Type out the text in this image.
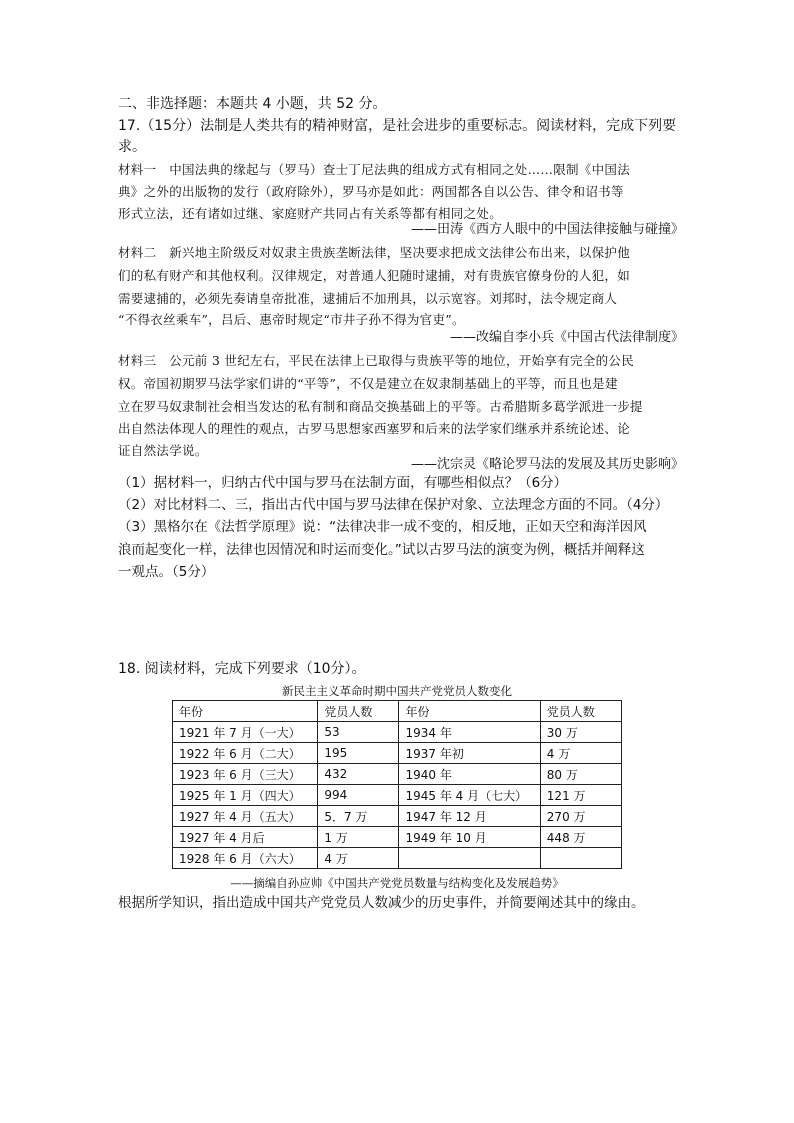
二、非选择题：本题共 4 小题，共 52 分。
17.（15分）法制是人类共有的精神财富，是社会进步的重要标志。阅读材料，完成下列要
求。
材料一　中国法典的缘起与（罗马）查士丁尼法典的组成方式有相同之处……限制《中国法
典》之外的出版物的发行（政府除外），罗马亦是如此：两国都各自以公告、律令和诏书等
形式立法，还有诸如过继、家庭财产共同占有关系等都有相同之处。
——田涛《西方人眼中的中国法律接触与碰撞》
材料二　新兴地主阶级反对奴隶主贵族垄断法律，坚决要求把成文法律公布出来，以保护他
们的私有财产和其他权利。汉律规定，对普通人犯随时逮捕，对有贵族官僚身份的人犯，如
需要逮捕的，必须先奏请皇帝批准，逮捕后不加刑具，以示宽容。刘邦时，法令规定商人
“不得衣丝乘车”，吕后、惠帝时规定“市井子孙不得为官吏”。
——改编自李小兵《中国古代法律制度》
材料三　公元前 3 世纪左右，平民在法律上已取得与贵族平等的地位，开始享有完全的公民
权。帝国初期罗马法学家们讲的“平等”，不仅是建立在奴隶制基础上的平等，而且也是建
立在罗马奴隶制社会相当发达的私有制和商品交换基础上的平等。古希腊斯多葛学派进一步提
出自然法体现人的理性的观点，古罗马思想家西塞罗和后来的法学家们继承并系统论述、论
证自然法学说。
——沈宗灵《略论罗马法的发展及其历史影响》
（1）据材料一，归纳古代中国与罗马在法制方面，有哪些相似点？（6分）
（2）对比材料二、三，指出古代中国与罗马法律在保护对象、立法理念方面的不同。（4分）
（3）黑格尔在《法哲学原理》说：“法律决非一成不变的，相反地，正如天空和海洋因风
浪而起变化一样，法律也因情况和时运而变化。”试以古罗马法的演变为例，概括并阐释这
一观点。（5分）
18. 阅读材料，完成下列要求（10分）。
新民主主义革命时期中国共产党党员人数变化
年份	党员人数	年份	党员人数
1921 年 7 月（一大）	53	1934 年	30 万
1922 年 6 月（二大）	195	1937 年初	4 万
1923 年 6 月（三大）	432	1940 年	80 万
1925 年 1 月（四大）	994	1945 年 4 月（七大）	121 万
1927 年 4 月（五大）	5．7 万	1947 年 12 月	270 万
1927 年 4 月后	1 万	1949 年 10 月	448 万
1928 年 6 月（六大）	4 万		
——摘编自孙应帅《中国共产党党员数量与结构变化及发展趋势》
根据所学知识，指出造成中国共产党党员人数减少的历史事件，并简要阐述其中的缘由。
